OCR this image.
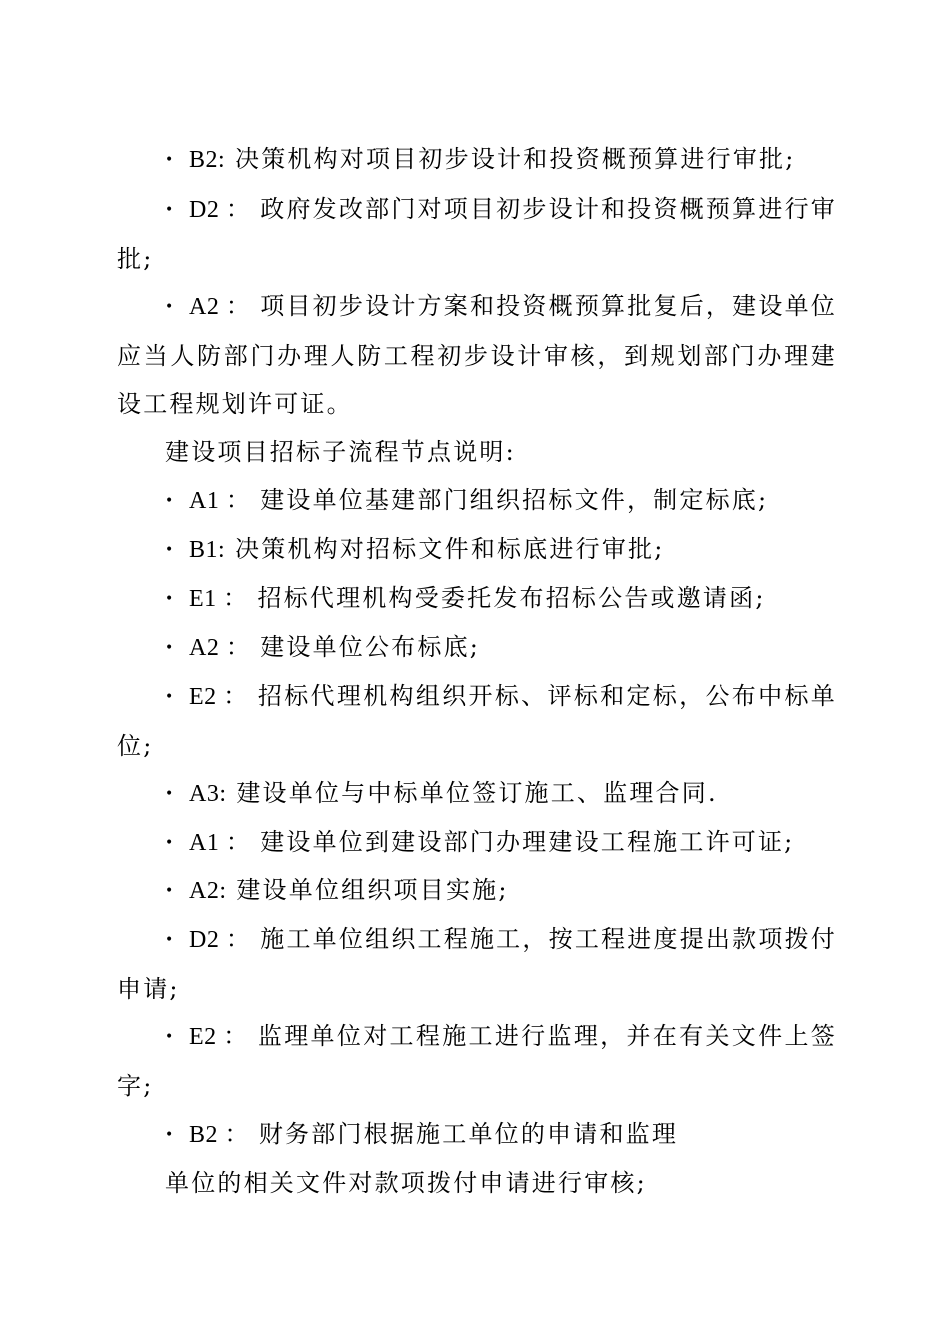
• B2: 决策机构对项目初步设计和投资概预算进行审批;

• D2 ： 政府发改部门对项目初步设计和投资概预算进行审批;

• A2 ： 项目初步设计方案和投资概预算批复后，建设单位应当人防部门办理人防工程初步设计审核，到规划部门办理建设工程规划许可证。

建设项目招标子流程节点说明:

• A1 ： 建设单位基建部门组织招标文件，制定标底;

• B1: 决策机构对招标文件和标底进行审批;

• E1 ： 招标代理机构受委托发布招标公告或邀请函;

• A2 ： 建设单位公布标底;

• E2 ： 招标代理机构组织开标、评标和定标，公布中标单位;

• A3: 建设单位与中标单位签订施工、监理合同.

• A1 ： 建设单位到建设部门办理建设工程施工许可证;

• A2: 建设单位组织项目实施;

• D2 ： 施工单位组织工程施工，按工程进度提出款项拨付申请;

• E2 ： 监理单位对工程施工进行监理，并在有关文件上签字;

• B2 ： 财务部门根据施工单位的申请和监理

单位的相关文件对款项拨付申请进行审核;
